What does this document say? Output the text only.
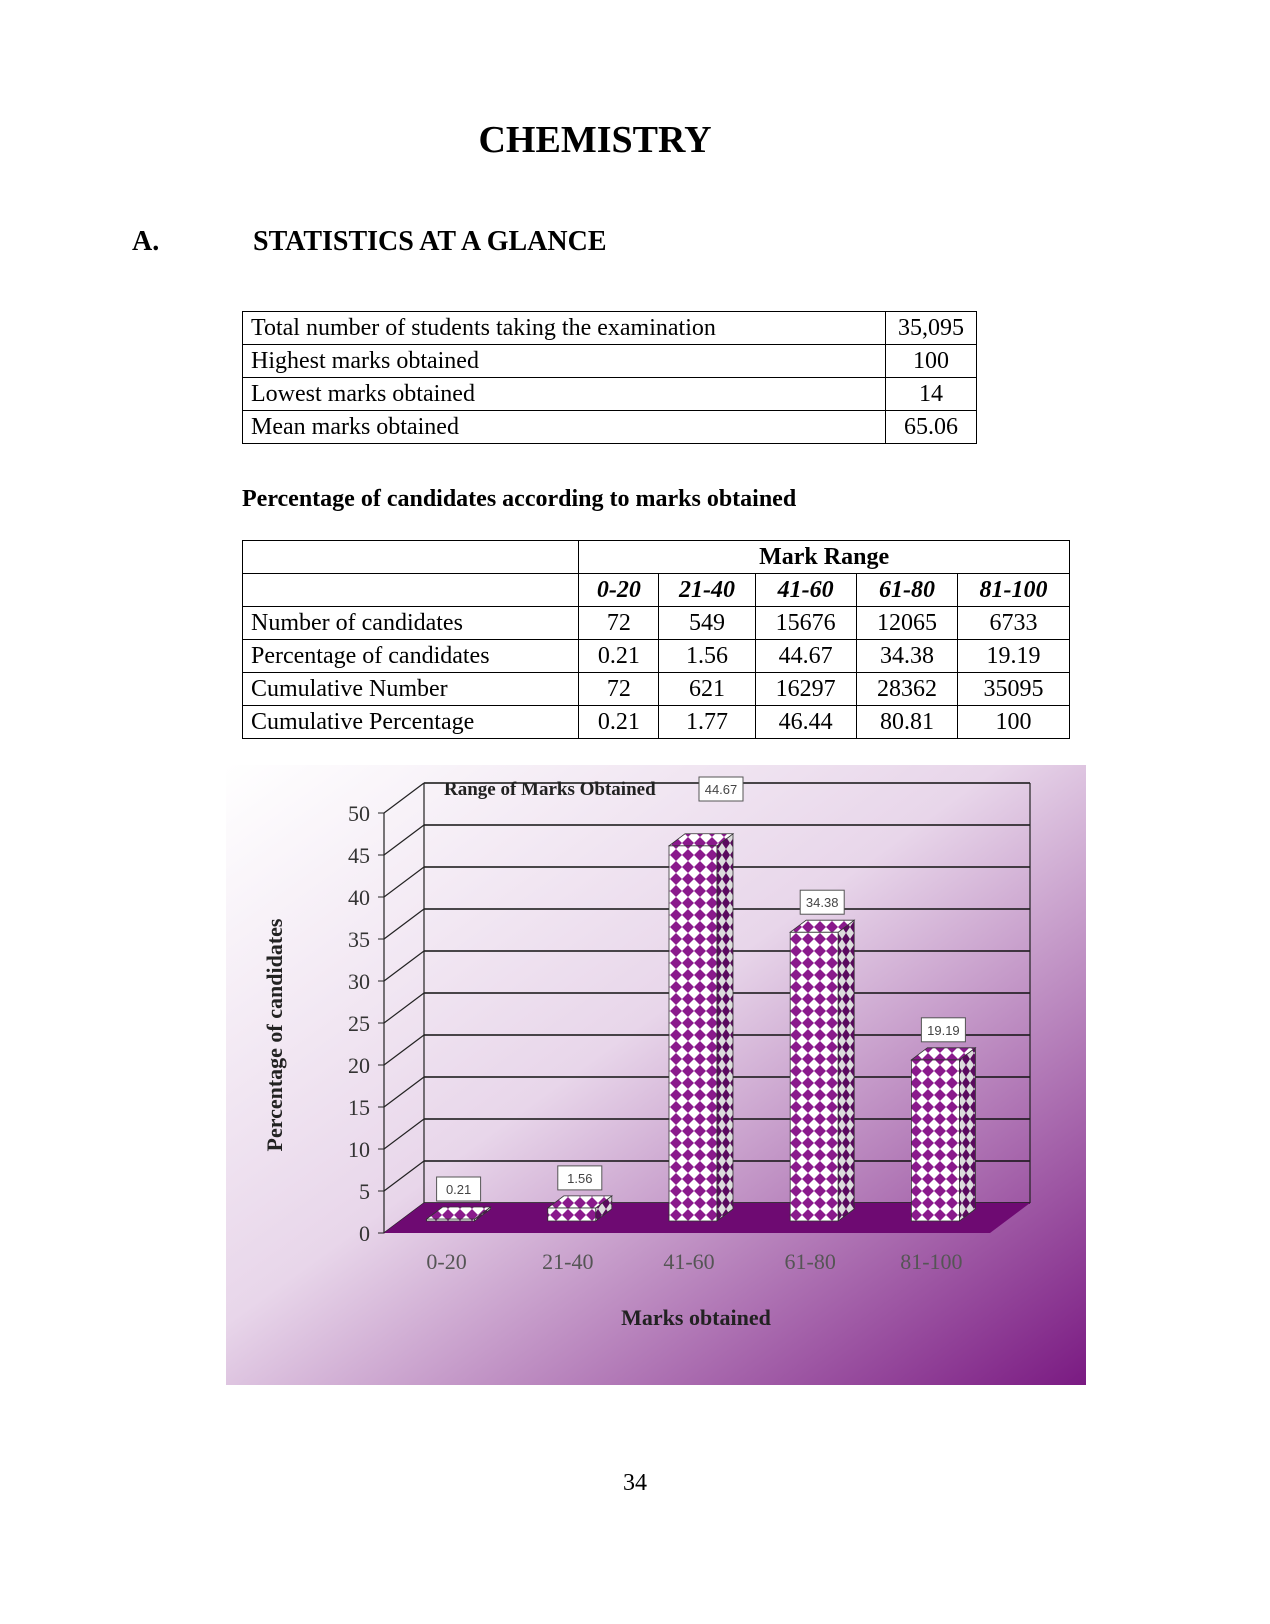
CHEMISTRY
A.	STATISTICS AT A GLANCE
Total number of students taking the examination	35,095
Highest marks obtained	100
Lowest marks obtained	14
Mean marks obtained	65.06
Percentage of candidates according to marks obtained
	Mark Range				
	0-20	21-40	41-60	61-80	81-100
Number of candidates	72	549	15676	12065	6733
Percentage of candidates	0.21	1.56	44.67	34.38	19.19
Cumulative Number	72	621	16297	28362	35095
Cumulative Percentage	0.21	1.77	46.44	80.81	100
0
5
10
15
20
25
30
35
40
45
50
0.21
0-20
1.56
21-40
44.67
41-60
34.38
61-80
19.19
81-100
Range of Marks Obtained
Marks obtained
Percentage of candidates
34
